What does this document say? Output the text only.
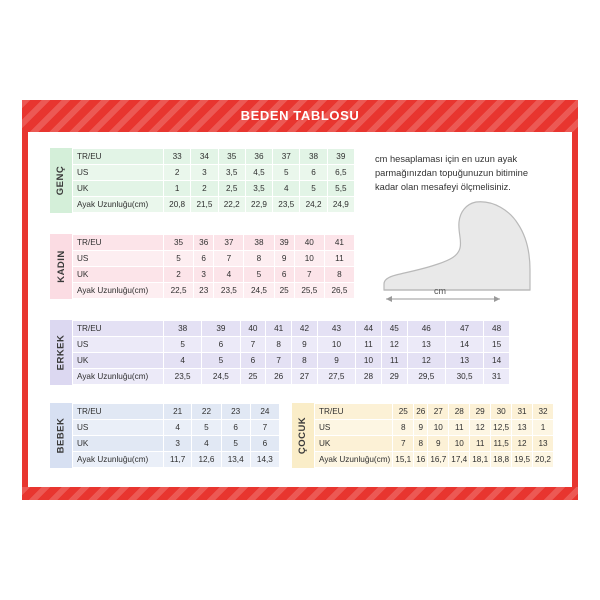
BEDEN TABLOSU
GENÇ
TR/EU	33	34	35	36	37	38	39
US	2	3	3,5	4,5	5	6	6,5
UK	1	2	2,5	3,5	4	5	5,5
Ayak Uzunluğu(cm)	20,8	21,5	22,2	22,9	23,5	24,2	24,9
KADIN
TR/EU	35	36	37	38	39	40	41
US	5	6	7	8	9	10	11
UK	2	3	4	5	6	7	8
Ayak Uzunluğu(cm)	22,5	23	23,5	24,5	25	25,5	26,5
ERKEK
TR/EU	38	39	40	41	42	43	44	45	46	47	48
US	5	6	7	8	9	10	11	12	13	14	15
UK	4	5	6	7	8	9	10	11	12	13	14
Ayak Uzunluğu(cm)	23,5	24,5	25	26	27	27,5	28	29	29,5	30,5	31
BEBEK
TR/EU	21	22	23	24
US	4	5	6	7
UK	3	4	5	6
Ayak Uzunluğu(cm)	11,7	12,6	13,4	14,3
ÇOCUK
TR/EU	25	26	27	28	29	30	31	32
US	8	9	10	11	12	12,5	13	1
UK	7	8	9	10	11	11,5	12	13
Ayak Uzunluğu(cm)	15,1	16	16,7	17,4	18,1	18,8	19,5	20,2
cm hesaplaması için en uzun ayak parmağınızdan topuğunuzun bitimine kadar olan mesafeyi ölçmelisiniz.
cm
